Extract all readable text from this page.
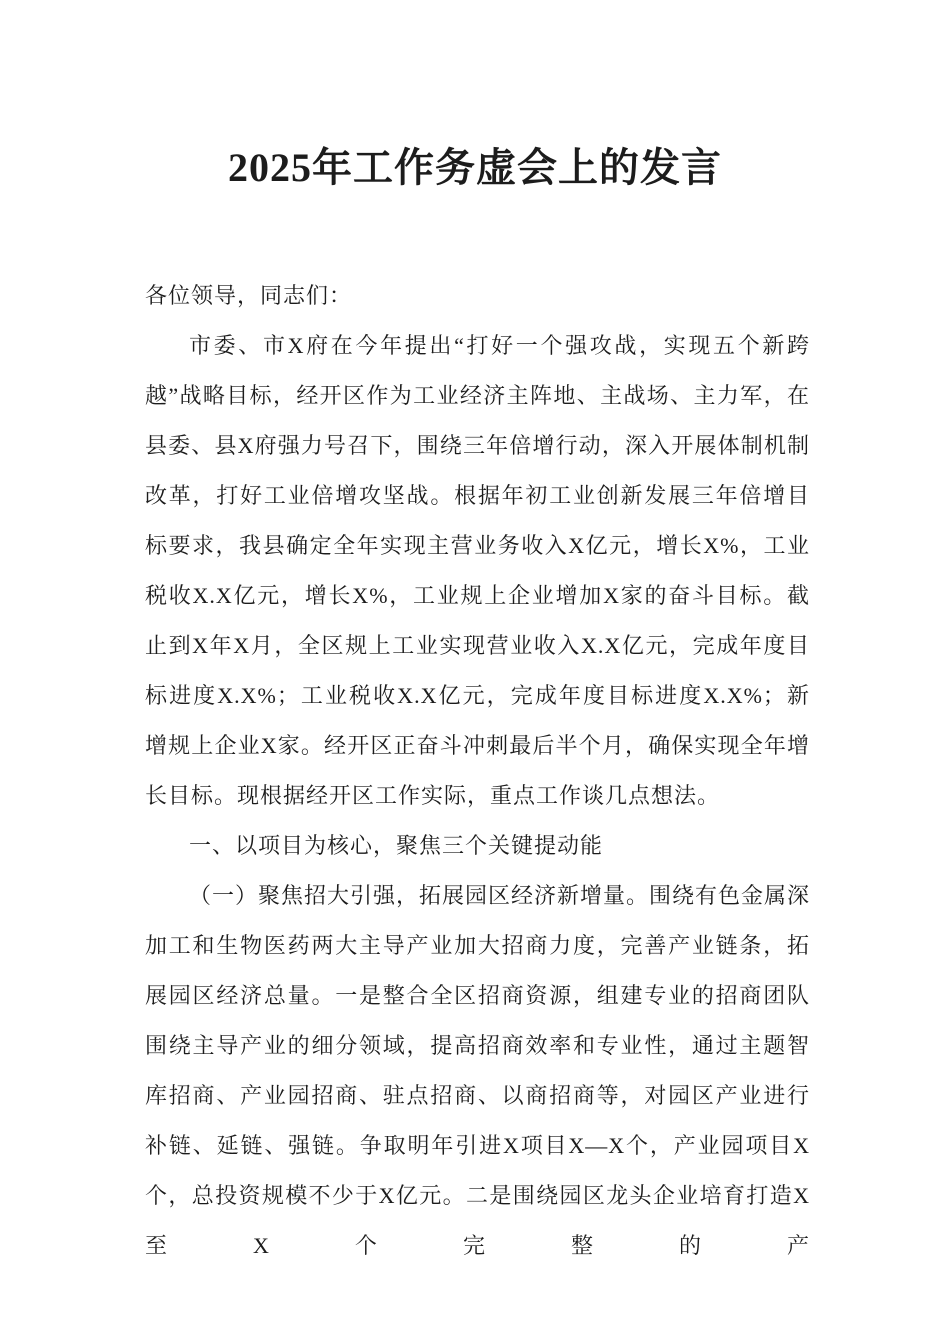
2025年工作务虚会上的发言

各位领导，同志们：

市委、市X府在今年提出“打好一个强攻战，实现五个新跨越”战略目标，经开区作为工业经济主阵地、主战场、主力军，在县委、县X府强力号召下，围绕三年倍增行动，深入开展体制机制改革，打好工业倍增攻坚战。根据年初工业创新发展三年倍增目标要求，我县确定全年实现主营业务收入X亿元，增长X%，工业税收X.X亿元，增长X%，工业规上企业增加X家的奋斗目标。截止到X年X月，全区规上工业实现营业收入X.X亿元，完成年度目标进度X.X%；工业税收X.X亿元，完成年度目标进度X.X%；新增规上企业X家。经开区正奋斗冲刺最后半个月，确保实现全年增长目标。现根据经开区工作实际，重点工作谈几点想法。

一、以项目为核心，聚焦三个关键提动能

（一）聚焦招大引强，拓展园区经济新增量。围绕有色金属深加工和生物医药两大主导产业加大招商力度，完善产业链条，拓展园区经济总量。一是整合全区招商资源，组建专业的招商团队围绕主导产业的细分领域，提高招商效率和专业性，通过主题智库招商、产业园招商、驻点招商、以商招商等，对园区产业进行补链、延链、强链。争取明年引进X项目X—X个，产业园项目X个，总投资规模不少于X亿元。二是围绕园区龙头企业培育打造X至X个完整的产
